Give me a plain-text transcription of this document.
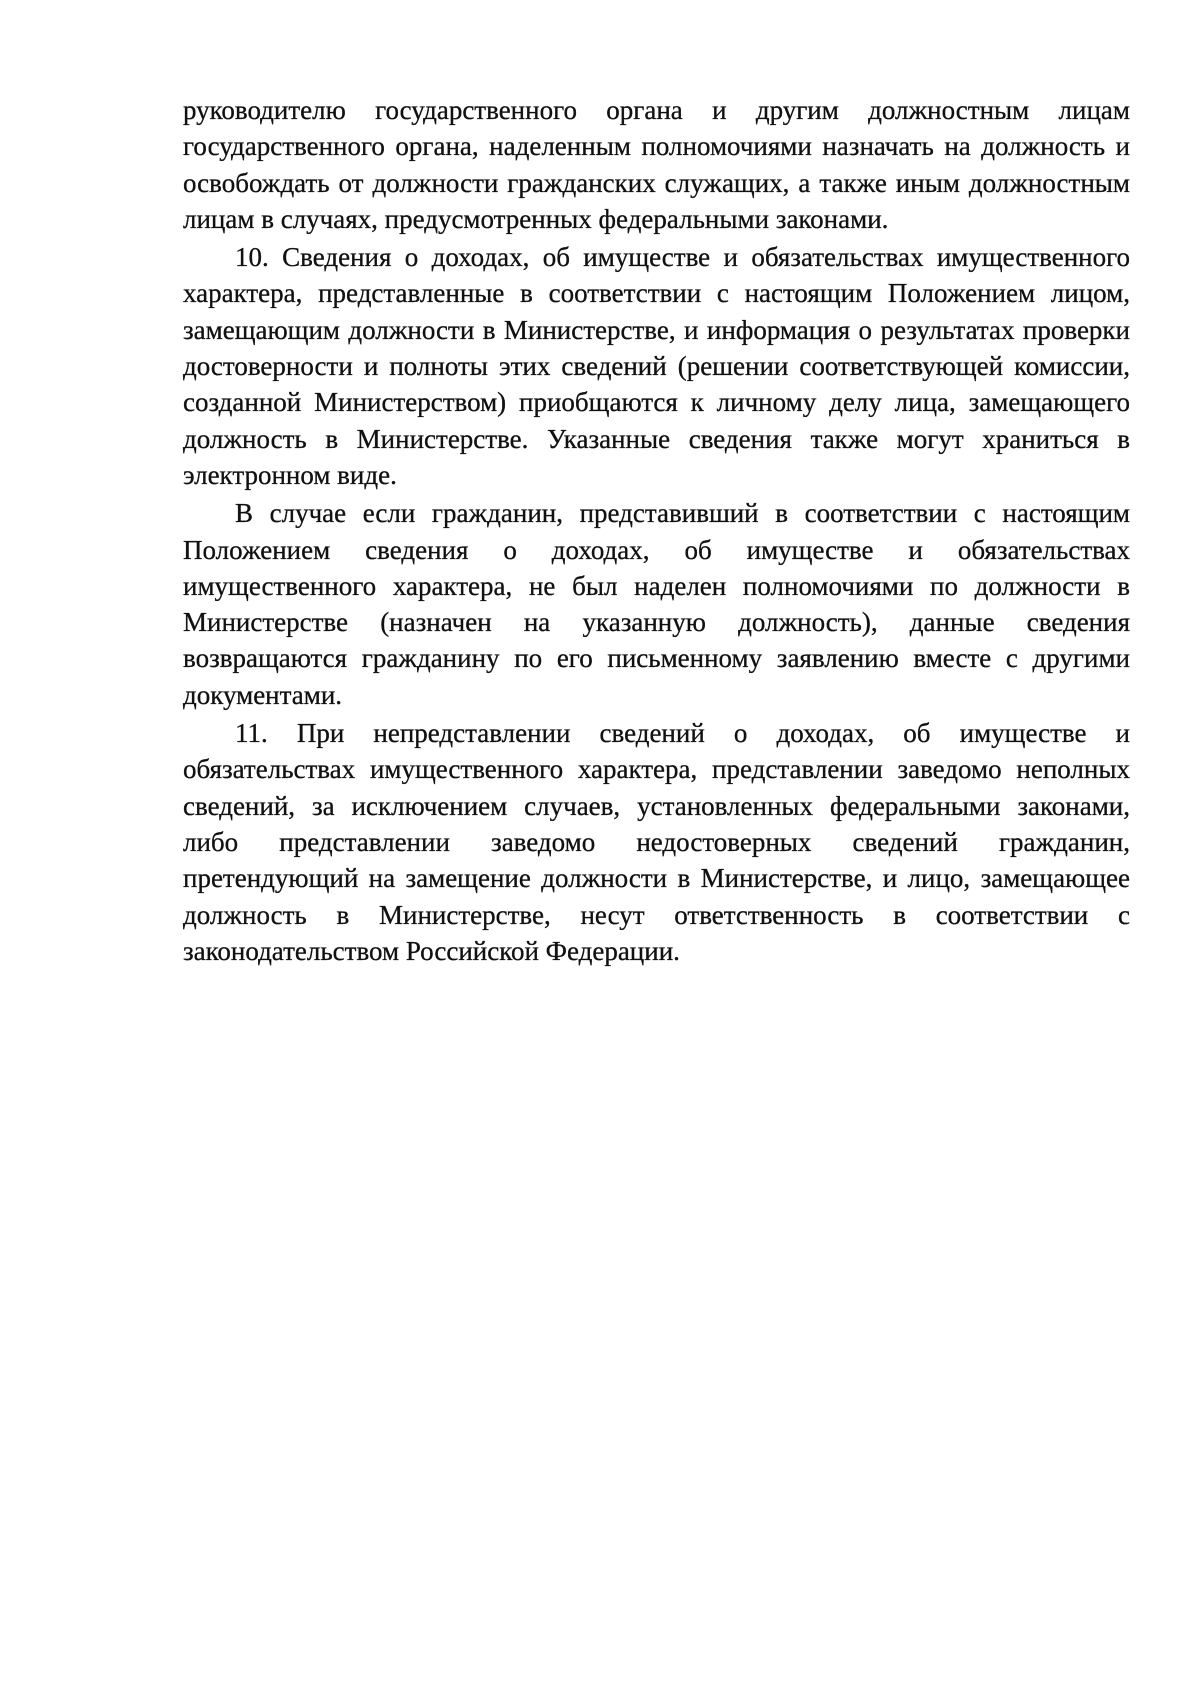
руководителю государственного органа и другим должностным лицам государственного органа, наделенным полномочиями назначать на должность и освобождать от должности гражданских служащих, а также иным должностным лицам в случаях, предусмотренных федеральными законами.

10. Сведения о доходах, об имуществе и обязательствах имущественного характера, представленные в соответствии с настоящим Положением лицом, замещающим должности в Министерстве, и информация о результатах проверки достоверности и полноты этих сведений (решении соответствующей комиссии, созданной Министерством) приобщаются к личному делу лица, замещающего должность в Министерстве. Указанные сведения также могут храниться в электронном виде.

В случае если гражданин, представивший в соответствии с настоящим Положением сведения о доходах, об имуществе и обязательствах имущественного характера, не был наделен полномочиями по должности в Министерстве (назначен на указанную должность), данные сведения возвращаются гражданину по его письменному заявлению вместе с другими документами.

11. При непредставлении сведений о доходах, об имуществе и обязательствах имущественного характера, представлении заведомо неполных сведений, за исключением случаев, установленных федеральными законами, либо представлении заведомо недостоверных сведений гражданин, претендующий на замещение должности в Министерстве, и лицо, замещающее должность в Министерстве, несут ответственность в соответствии с законодательством Российской Федерации.
